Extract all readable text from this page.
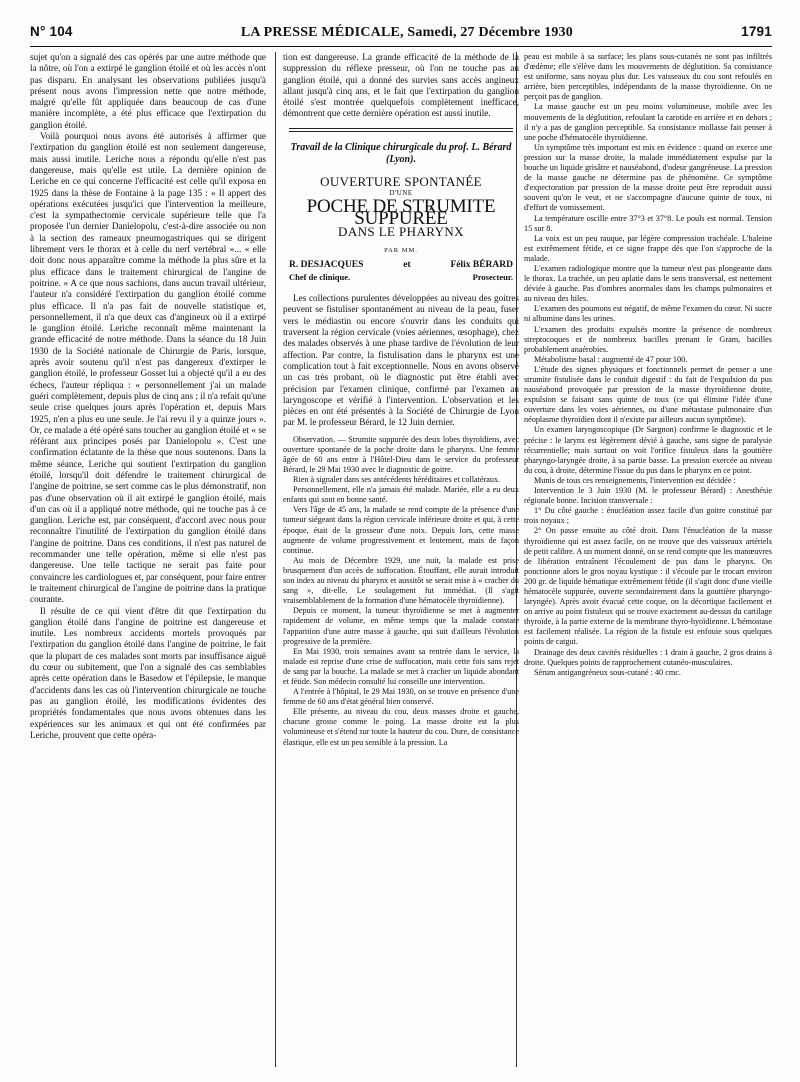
N° 104	LA PRESSE MÉDICALE, Samedi, 27 Décembre 1930	1791

sujet qu'on a signalé des cas opérés par une autre méthode que la nôtre, où l'on a extirpé le ganglion étoilé et où les accès n'ont pas disparu. En analysant les observations publiées jusqu'à présent nous avons l'impression nette que notre méthode, malgré qu'elle fût appliquée dans beaucoup de cas d'une manière incomplète, a été plus efficace que l'extirpation du ganglion étoilé.

Voilà pourquoi nous avons été autorisés à affirmer que l'extirpation du ganglion étoilé est non seulement dangereuse, mais aussi inutile. Leriche nous a répondu qu'elle n'est pas dangereuse, mais qu'elle est utile. La dernière opinion de Leriche en ce qui concerne l'efficacité est celle qu'il exposa en 1925 dans la thèse de Fontaine à la page 135 : « Il appert des opérations exécutées jusqu'ici que l'intervention la meilleure, c'est la sympathectomie cervicale supérieure telle que l'a proposée l'un dernier Danielopolu, c'est-à-dire associée ou non à la section des rameaux pneumogastriques qui se dirigent librement vers le thorax et à celle du nerf vertébral »... « elle doit donc nous apparaître comme la méthode la plus sûre et la plus efficace dans le traitement chirurgical de l'angine de poitrine. » A ce que nous sachions, dans aucun travail ultérieur, l'auteur n'a considéré l'extirpation du ganglion étoilé comme plus efficace. Il n'a pas fait de nouvelle statistique et, personnellement, il n'a que deux cas d'angineux où il a extirpé le ganglion étoilé. Leriche reconnaît même maintenant la grande efficacité de notre méthode. Dans la séance du 18 Juin 1930 de la Société nationale de Chirurgie de Paris, lorsque, après avoir soutenu qu'il n'est pas dangereux d'extirper le ganglion étoilé, le professeur Gosset lui a objecté qu'il a eu des échecs, l'auteur répliqua : « personnellement j'ai un malade guéri complètement, depuis plus de cinq ans ; il n'a refait qu'une seule crise quelques jours après l'opération et, depuis Mars 1925, n'en a plus eu une seule. Je l'ai revu il y a quinze jours ». Or, ce malade a été opéré sans toucher au ganglion étoilé et « se référant aux principes posés par Danielopolu ». C'est une confirmation éclatante de la thèse que nous soutenons. Dans la même séance, Leriche qui soutient l'extirpation du ganglion étoilé, lorsqu'il doit défendre le traitement chirurgical de l'angine de poitrine, se sert comme cas le plus démonstratif, non pas d'une observation où il ait extirpé le ganglion étoilé, mais d'un cas où il a appliqué notre méthode, qui ne touche pas à ce ganglion. Leriche est, par conséquent, d'accord avec nous pour reconnaître l'inutilité de l'extirpation du ganglion étoilé dans l'angine de poitrine. Dans ces conditions, il n'est pas naturel de recommander une telle opération, même si elle n'est pas dangereuse. Une telle tactique ne serait pas faite pour convaincre les cardiologues et, par conséquent, pour faire entrer le traitement chirurgical de l'angine de poitrine dans la pratique courante.

Il résulte de ce qui vient d'être dit que l'extirpation du ganglion étoilé dans l'angine de poitrine est dangereuse et inutile. Les nombreux accidents mortels provoqués par l'extirpation du ganglion étoilé dans l'angine de poitrine, le fait que la plupart de ces malades sont morts par insuffisance aiguë du cœur ou subitement, que l'on a signalé des cas semblables après cette opération dans le Basedow et l'épilepsie, le manque d'accidents dans les cas où l'intervention chirurgicale ne touche pas au ganglion étoilé, les modifications évidentes des propriétés fondamentales que nous avons obtenues dans les expériences sur les animaux et qui ont été confirmées par Leriche, prouvent que cette opéra-

tion est dangereuse. La grande efficacité de la méthode de la suppression du réflexe presseur, où l'on ne touche pas au ganglion étoilé, qui a donné des survies sans accès angineux allant jusqu'à cinq ans, et le fait que l'extirpation du ganglion étoilé s'est montrée quelquefois complètement inefficace, démontrent que cette dernière opération est aussi inutile.

Travail de la Clinique chirurgicale du prof. L. Bérard (Lyon).
OUVERTURE SPONTANÉE
D'UNE
POCHE DE STRUMITE SUPPURÉE
DANS LE PHARYNX
PAR MM.
R. DESJACQUES	et	Félix BÉRARD
Chef de clinique.	Prosecteur.

Les collections purulentes développées au niveau des goitres peuvent se fistuliser spontanément au niveau de la peau, fuser vers le médiastin ou encore s'ouvrir dans les conduits qui traversent la région cervicale (voies aériennes, œsophage), chez des malades observés à une phase tardive de l'évolution de leur affection. Par contre, la fistulisation dans le pharynx est une complication tout à fait exceptionnelle. Nous en avons observé un cas très probant, où le diagnostic put être établi avec précision par l'examen clinique, confirmé par l'examen au laryngoscope et vérifié à l'intervention. L'observation et les pièces en ont été présentés à la Société de Chirurgie de Lyon par M. le professeur Bérard, le 12 Juin dernier.

Observation. — Strumite suppurée des deux lobes thyroïdiens, avec ouverture spontanée de la poche droite dans le pharynx. Une femme âgée de 60 ans entre à l'Hôtel-Dieu dans le service du professeur Bérard, le 29 Mai 1930 avec le diagnostic de goitre.

Rien à signaler dans ses antécédents héréditaires et collatéraux.

Personnellement, elle n'a jamais été malade. Mariée, elle a eu deux enfants qui sont en bonne santé.

Vers l'âge de 45 ans, la malade se rend compte de la présence d'une tumeur siégeant dans la région cervicale inférieure droite et qui, à cette époque, était de la grosseur d'une noix. Depuis lors, cette masse augmente de volume progressivement et lentement, mais de façon continue.

Au mois de Décembre 1929, une nuit, la malade est prise brusquement d'un accès de suffocation. Étouffant, elle aurait introduit son index au niveau du pharynx et aussitôt se serait mise à « cracher du sang », dit-elle. Le soulagement fut immédiat. (Il s'agit vraisemblablement de la formation d'une hématocèle thyroïdienne).

Depuis ce moment, la tumeur thyroïdienne se met à augmenter rapidement de volume, en même temps que la malade constate l'apparition d'une autre masse à gauche, qui suit d'ailleurs l'évolution progressive de la première.

En Mai 1930, trois semaines avant sa rentrée dans le service, la malade est reprise d'une crise de suffocation, mais cette fois sans rejet de sang par la bouche. La malade se met à cracher un liquide abondant et fétide. Son médecin consulté lui conseille une intervention.

A l'entrée à l'hôpital, le 29 Mai 1930, on se trouve en présence d'une femme de 60 ans d'état général bien conservé.

Elle présente, au niveau du cou, deux masses droite et gauche, chacune grosse comme le poing. La masse droite est la plus volumineuse et s'étend sur toute la hauteur du cou. Dure, de consistance élastique, elle est un peu sensible à la pression. La

peau est mobile à sa surface; les plans sous-cutanés ne sont pas infiltrés d'œdème; elle s'élève dans les mouvements de déglutition. Sa consistance est uniforme, sans noyau plus dur. Les vaisseaux du cou sont refoulés en arrière, bien perceptibles, indépendants de la masse thyroïdienne. On ne perçoit pas de ganglion.

La masse gauche est un peu moins volumineuse, mobile avec les mouvements de la déglutition, refoulant la carotide en arrière et en dehors ; il n'y a pas de ganglion perceptible. Sa consistance mollasse fait penser à une poche d'hématocèle thyroïdienne.

Un symptôme très important est mis en évidence : quand on exerce une pression sur la masse droite, la malade immédiatement expulse par la bouche un liquide grisâtre et nauséabond, d'odeur gangréneuse. La pression de la masse gauche ne détermine pas de phénomène. Ce symptôme d'expectoration par pression de la masse droite peut être reproduit aussi souvent qu'on le veut, et ne s'accompagne d'aucune quinte de toux, ni d'effort de vomissement.

La température oscille entre 37°3 et 37°8. Le pouls est normal. Tension 15 sur 8.

La voix est un peu rauque, par légère compression trachéale. L'haleine est extrêmement fétide, et ce signe frappe dès que l'on s'approche de la malade.

L'examen radiologique montre que la tumeur n'est pas plongeante dans le thorax. La trachée, un peu aplatie dans le sens transversal, est nettement déviée à gauche. Pas d'ombres anormales dans les champs pulmonaires et au niveau des hiles.

L'examen des poumons est négatif, de même l'examen du cœur. Ni sucre ni albumine dans les urines.

L'examen des produits expulsés montre la présence de nombreux streptocoques et de nombreux bacilles prenant le Gram, bacilles probablement anaérobies.

Métabolisme basal : augmenté de 47 pour 100.

L'étude des signes physiques et fonctionnels permet de penser a une strumite fistulisée dans le conduit digestif : du fait de l'expulsion du pus nauséabond provoquée par pression de la masse thyroïdienne droite, expulsion se faisant sans quinte de toux (ce qui élimine l'idée d'une ouverture dans les voies aériennes, ou d'une métastase pulmonaire d'un néoplasme thyroïdien dont il n'existe par ailleurs aucun symptôme).

Un examen laryngoscopique (Dr Sargnon) confirme le diagnostic et le précise : le larynx est légèrement dévié à gauche, sans signe de paralysie récurrentielle; mais surtout on voit l'orifice fistuleux dans la gouttière pharyngo-laryngée droite, à sa partie basse. La pression exercée au niveau du cou, à droite, détermine l'issue du pus dans le pharynx en ce point.

Munis de tous ces renseignements, l'intervention est décidée :

Intervention le 3 Juin 1930 (M. le professeur Bérard) : Anesthésie régionale bonne. Incision transversale :

1° Du côté gauche : énucléation assez facile d'un goitre constitué par trois noyaux ;

2° On passe ensuite au côté droit. Dans l'énucléation de la masse thyroïdienne qui est assez facile, on ne trouve que des vaisseaux artériels de petit calibre. A un moment donné, on se rend compte que les manœuvres de libération entraînent l'écoulement de pus dans le pharynx. On ponctionne alors le gros noyau kystique : il s'écoule par le trocart environ 200 gr. de liquide hématique extrêmement fétide (il s'agit donc d'une vieille hématocèle suppurée, ouverte secondairement dans la gouttière pharyngo-laryngée). Après avoir évacué cette coque, on la décortique facilement et on arrive au point fistuleux qui se trouve exactement au-dessus du cartilage thyroïde, à la partie externe de la membrane thyro-hyoïdienne. L'hémostase est facilement réalisée. La région de la fistule est enfouie sous quelques points de catgut.

Drainage des deux cavités résiduelles : 1 drain à gauche, 2 gros drains à droite. Quelques points de rapprochement cutanéo-musculaires.

Sérum antigangréneux sous-cutané : 40 cmc.
